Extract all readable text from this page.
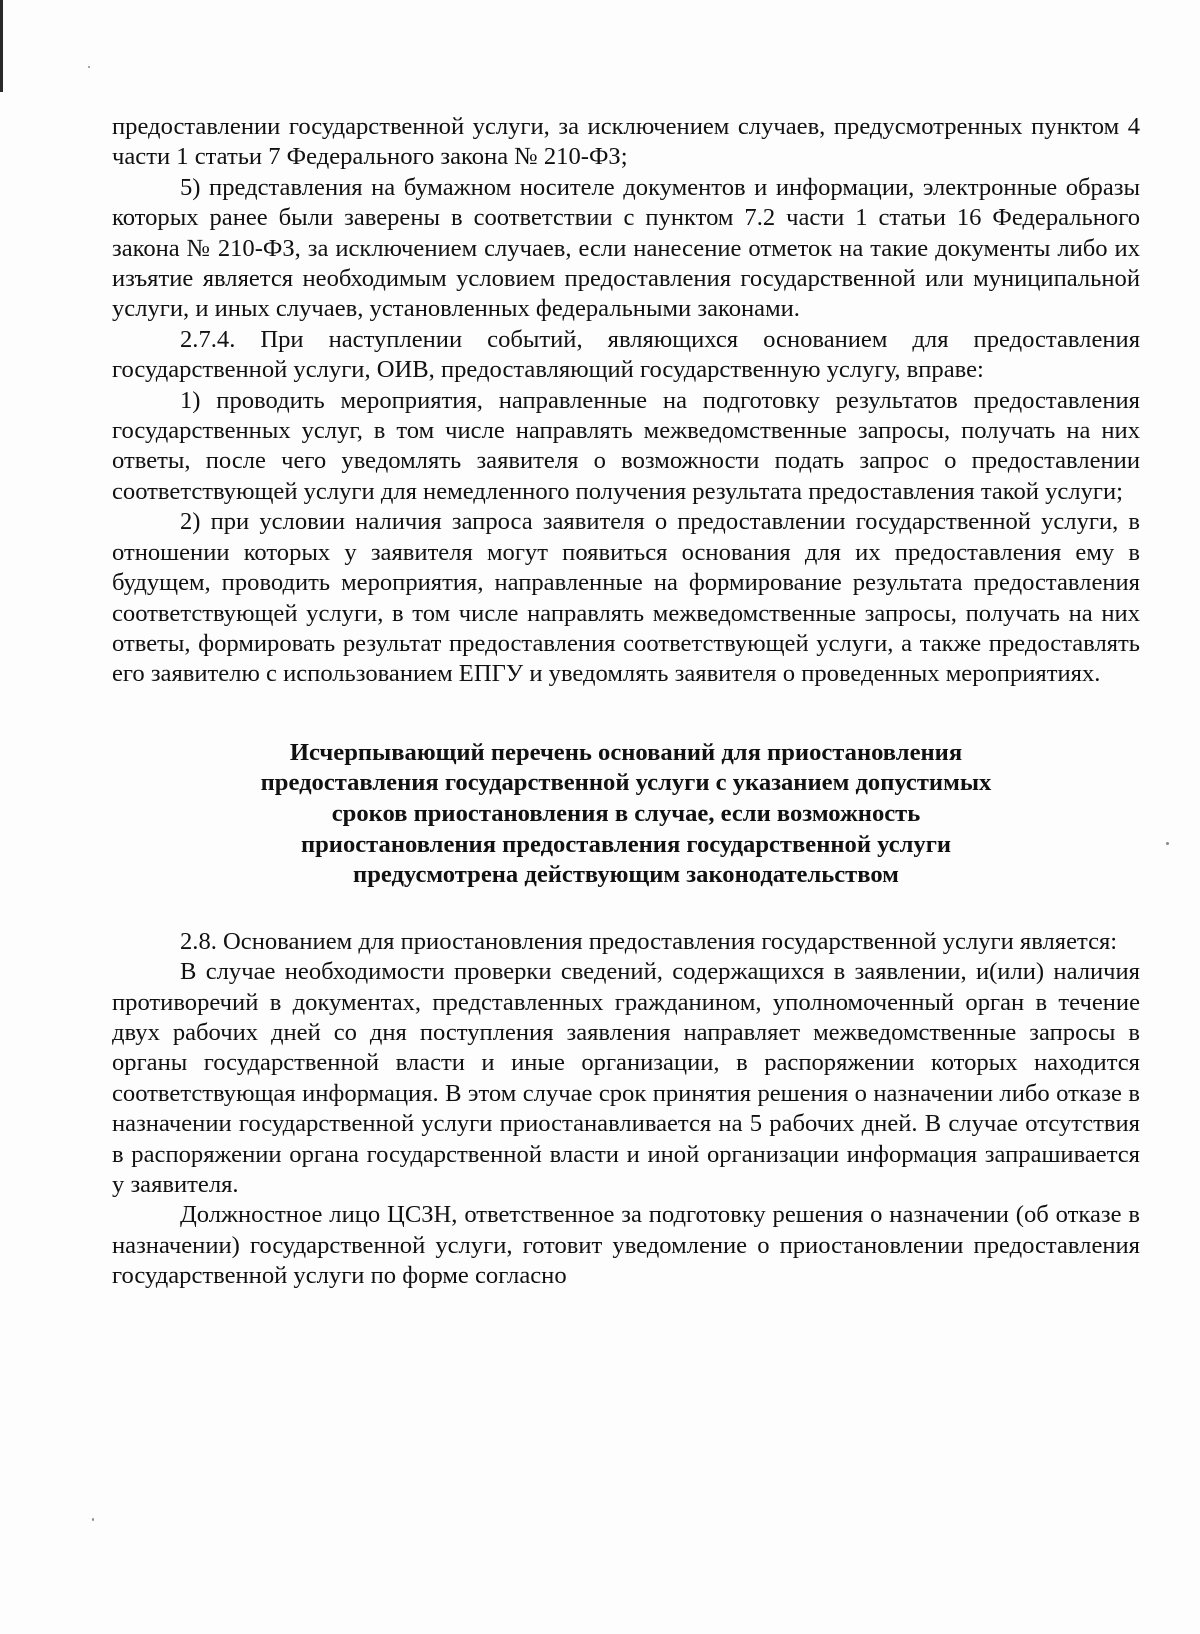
предоставлении государственной услуги, за исключением случаев, предусмотренных пунктом 4 части 1 статьи 7 Федерального закона № 210-ФЗ;

5) представления на бумажном носителе документов и информации, электронные образы которых ранее были заверены в соответствии с пунктом 7.2 части 1 статьи 16 Федерального закона № 210-ФЗ, за исключением случаев, если нанесение отметок на такие документы либо их изъятие является необходимым условием предоставления государственной или муниципальной услуги, и иных случаев, установленных федеральными законами.

2.7.4. При наступлении событий, являющихся основанием для предоставления государственной услуги, ОИВ, предоставляющий государственную услугу, вправе:

1) проводить мероприятия, направленные на подготовку результатов предоставления государственных услуг, в том числе направлять межведомственные запросы, получать на них ответы, после чего уведомлять заявителя о возможности подать запрос о предоставлении соответствующей услуги для немедленного получения результата предоставления такой услуги;

2) при условии наличия запроса заявителя о предоставлении государственной услуги, в отношении которых у заявителя могут появиться основания для их предоставления ему в будущем, проводить мероприятия, направленные на формирование результата предоставления соответствующей услуги, в том числе направлять межведомственные запросы, получать на них ответы, формировать результат предоставления соответствующей услуги, а также предоставлять его заявителю с использованием ЕПГУ и уведомлять заявителя о проведенных мероприятиях.

Исчерпывающий перечень оснований для приостановления
предоставления государственной услуги с указанием допустимых
сроков приостановления в случае, если возможность
приостановления предоставления государственной услуги
предусмотрена действующим законодательством

2.8. Основанием для приостановления предоставления государственной услуги является:

В случае необходимости проверки сведений, содержащихся в заявлении, и(или) наличия противоречий в документах, представленных гражданином, уполномоченный орган в течение двух рабочих дней со дня поступления заявления направляет межведомственные запросы в органы государственной власти и иные организации, в распоряжении которых находится соответствующая информация. В этом случае срок принятия решения о назначении либо отказе в назначении государственной услуги приостанавливается на 5 рабочих дней. В случае отсутствия в распоряжении органа государственной власти и иной организации информация запрашивается у заявителя.

Должностное лицо ЦСЗН, ответственное за подготовку решения о назначении (об отказе в назначении) государственной услуги, готовит уведомление о приостановлении предоставления государственной услуги по форме согласно
